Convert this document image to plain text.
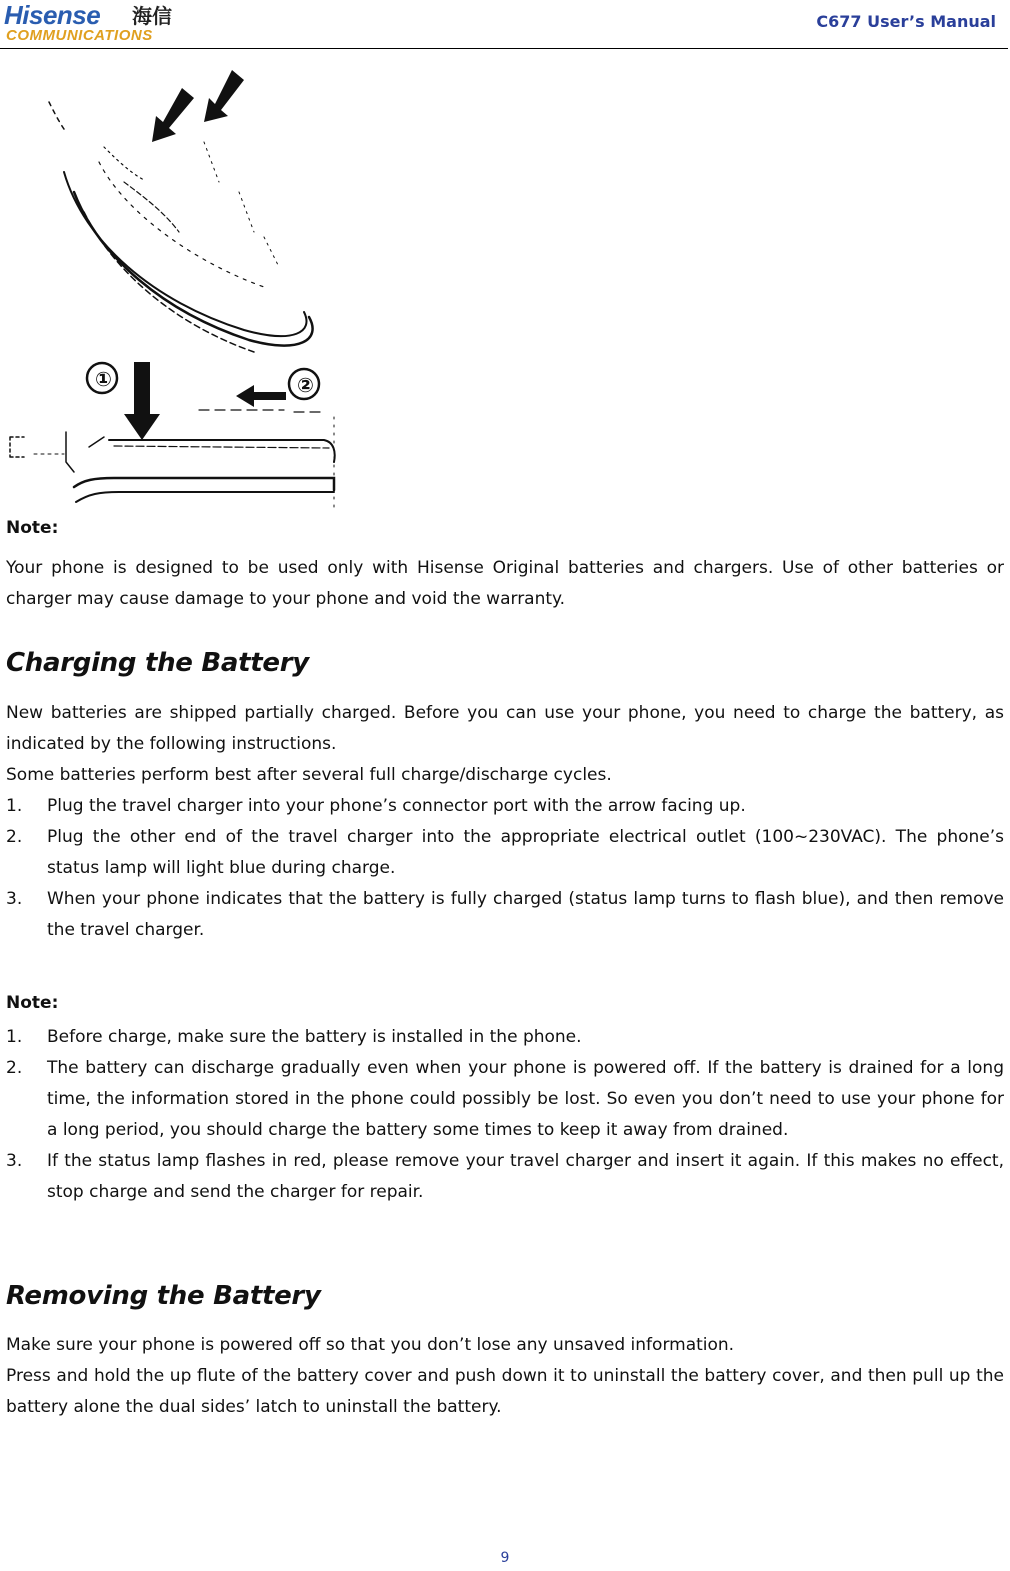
Hisense 海信
COMMUNICATIONS
C677 User’s Manual
①	②
Note:

Your phone is designed to be used only with Hisense Original batteries and chargers. Use of other batteries or charger may cause damage to your phone and void the warranty.

Charging the Battery

New batteries are shipped partially charged. Before you can use your phone, you need to charge the battery, as indicated by the following instructions.

Some batteries perform best after several full charge/discharge cycles.

1. Plug the travel charger into your phone’s connector port with the arrow facing up.
2. Plug the other end of the travel charger into the appropriate electrical outlet (100~230VAC). The phone’s status lamp will light blue during charge.
3. When your phone indicates that the battery is fully charged (status lamp turns to flash blue), and then remove the travel charger.
Note:
1. Before charge, make sure the battery is installed in the phone.
2. The battery can discharge gradually even when your phone is powered off. If the battery is drained for a long time, the information stored in the phone could possibly be lost. So even you don’t need to use your phone for a long period, you should charge the battery some times to keep it away from drained.
3. If the status lamp flashes in red, please remove your travel charger and insert it again. If this makes no effect, stop charge and send the charger for repair.
Removing the Battery

Make sure your phone is powered off so that you don’t lose any unsaved information.

Press and hold the up flute of the battery cover and push down it to uninstall the battery cover, and then pull up the battery alone the dual sides’ latch to uninstall the battery.

9
